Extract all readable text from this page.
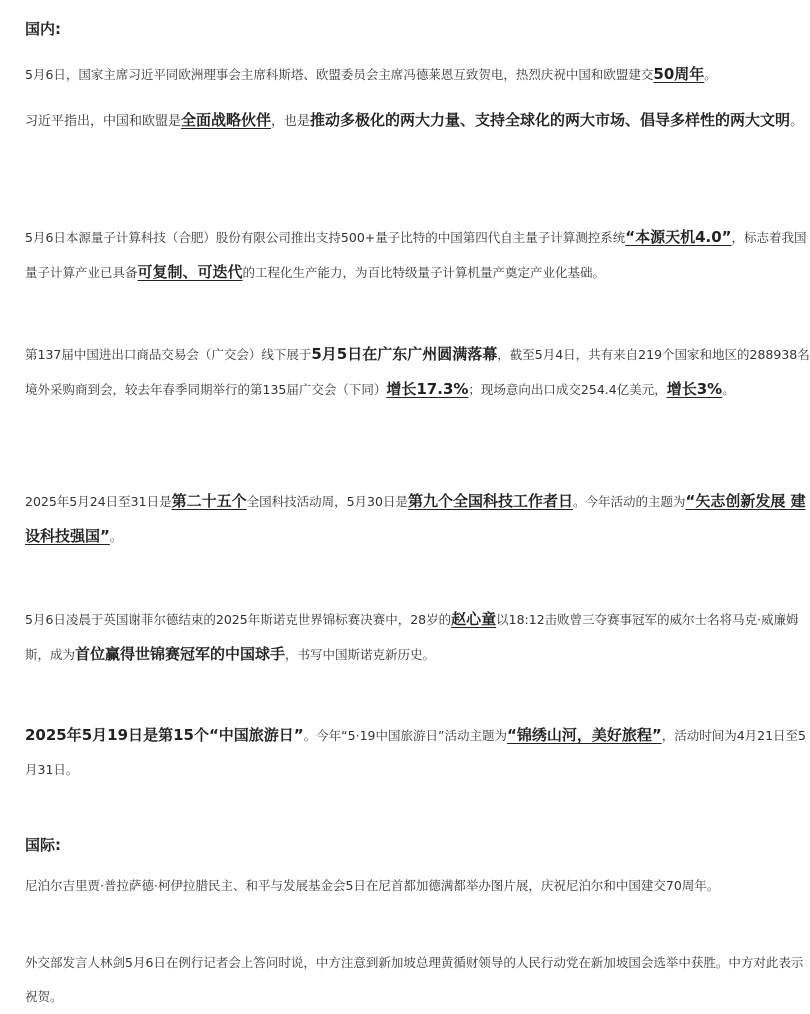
国内:

5月6日，国家主席习近平同欧洲理事会主席科斯塔、欧盟委员会主席冯德莱恩互致贺电，热烈庆祝中国和欧盟建交50周年。

习近平指出，中国和欧盟是全面战略伙伴，也是推动多极化的两大力量、支持全球化的两大市场、倡导多样性的两大文明。

5月6日本源量子计算科技（合肥）股份有限公司推出支持500+量子比特的中国第四代自主量子计算测控系统“本源天机4.0”，标志着我国量子计算产业已具备可复制、可迭代的工程化生产能力，为百比特级量子计算机量产奠定产业化基础。

第137届中国进出口商品交易会（广交会）线下展于5月5日在广东广州圆满落幕，截至5月4日，共有来自219个国家和地区的288938名境外采购商到会，较去年春季同期举行的第135届广交会（下同）增长17.3%；现场意向出口成交254.4亿美元，增长3%。

2025年5月24日至31日是第二十五个全国科技活动周，5月30日是第九个全国科技工作者日。今年活动的主题为“矢志创新发展 建设科技强国”。

5月6日凌晨于英国谢菲尔德结束的2025年斯诺克世界锦标赛决赛中，28岁的赵心童以18:12击败曾三夺赛事冠军的威尔士名将马克·威廉姆斯，成为首位赢得世锦赛冠军的中国球手，书写中国斯诺克新历史。

2025年5月19日是第15个“中国旅游日”。今年“5·19中国旅游日”活动主题为“锦绣山河，美好旅程”，活动时间为4月21日至5月31日。

国际:

尼泊尔吉里贾·普拉萨德·柯伊拉腊民主、和平与发展基金会5日在尼首都加德满都举办图片展，庆祝尼泊尔和中国建交70周年。

外交部发言人林剑5月6日在例行记者会上答问时说，中方注意到新加坡总理黄循财领导的人民行动党在新加坡国会选举中获胜。中方对此表示祝贺。
